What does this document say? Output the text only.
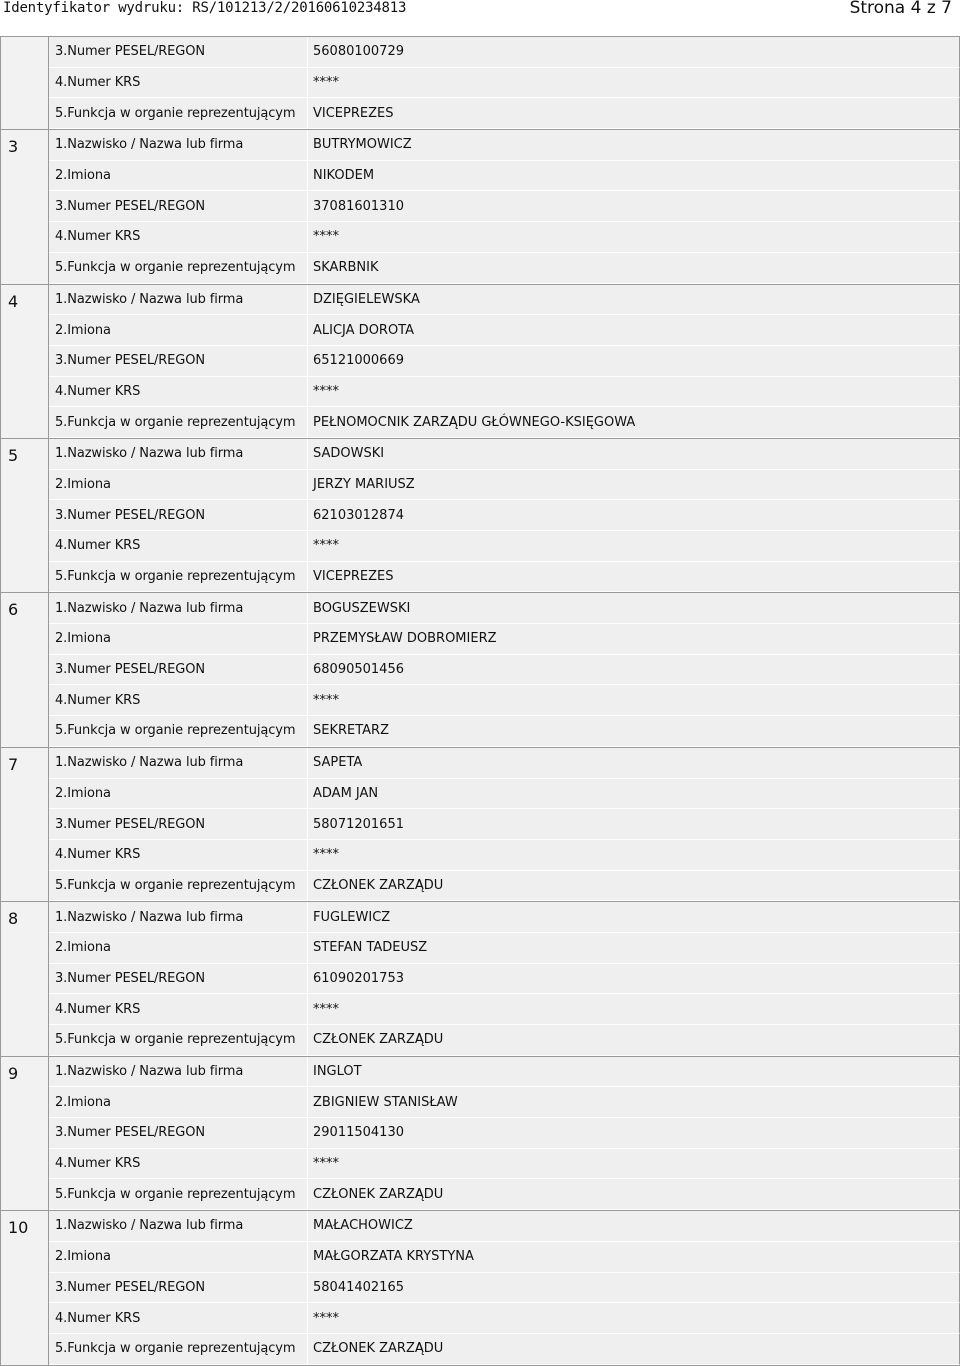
Identyfikator wydruku: RS/101213/2/20160610234813	Strona 4 z 7
3.Numer PESEL/REGON	56080100729
4.Numer KRS	****
5.Funkcja w organie reprezentującym	VICEPREZES
3	1.Nazwisko / Nazwa lub firma	BUTRYMOWICZ
2.Imiona	NIKODEM
3.Numer PESEL/REGON	37081601310
4.Numer KRS	****
5.Funkcja w organie reprezentującym	SKARBNIK
4	1.Nazwisko / Nazwa lub firma	DZIĘGIELEWSKA
2.Imiona	ALICJA DOROTA
3.Numer PESEL/REGON	65121000669
4.Numer KRS	****
5.Funkcja w organie reprezentującym	PEŁNOMOCNIK ZARZĄDU GŁÓWNEGO-KSIĘGOWA
5	1.Nazwisko / Nazwa lub firma	SADOWSKI
2.Imiona	JERZY MARIUSZ
3.Numer PESEL/REGON	62103012874
4.Numer KRS	****
5.Funkcja w organie reprezentującym	VICEPREZES
6	1.Nazwisko / Nazwa lub firma	BOGUSZEWSKI
2.Imiona	PRZEMYSŁAW DOBROMIERZ
3.Numer PESEL/REGON	68090501456
4.Numer KRS	****
5.Funkcja w organie reprezentującym	SEKRETARZ
7	1.Nazwisko / Nazwa lub firma	SAPETA
2.Imiona	ADAM JAN
3.Numer PESEL/REGON	58071201651
4.Numer KRS	****
5.Funkcja w organie reprezentującym	CZŁONEK ZARZĄDU
8	1.Nazwisko / Nazwa lub firma	FUGLEWICZ
2.Imiona	STEFAN TADEUSZ
3.Numer PESEL/REGON	61090201753
4.Numer KRS	****
5.Funkcja w organie reprezentującym	CZŁONEK ZARZĄDU
9	1.Nazwisko / Nazwa lub firma	INGLOT
2.Imiona	ZBIGNIEW STANISŁAW
3.Numer PESEL/REGON	29011504130
4.Numer KRS	****
5.Funkcja w organie reprezentującym	CZŁONEK ZARZĄDU
10	1.Nazwisko / Nazwa lub firma	MAŁACHOWICZ
2.Imiona	MAŁGORZATA KRYSTYNA
3.Numer PESEL/REGON	58041402165
4.Numer KRS	****
5.Funkcja w organie reprezentującym	CZŁONEK ZARZĄDU
